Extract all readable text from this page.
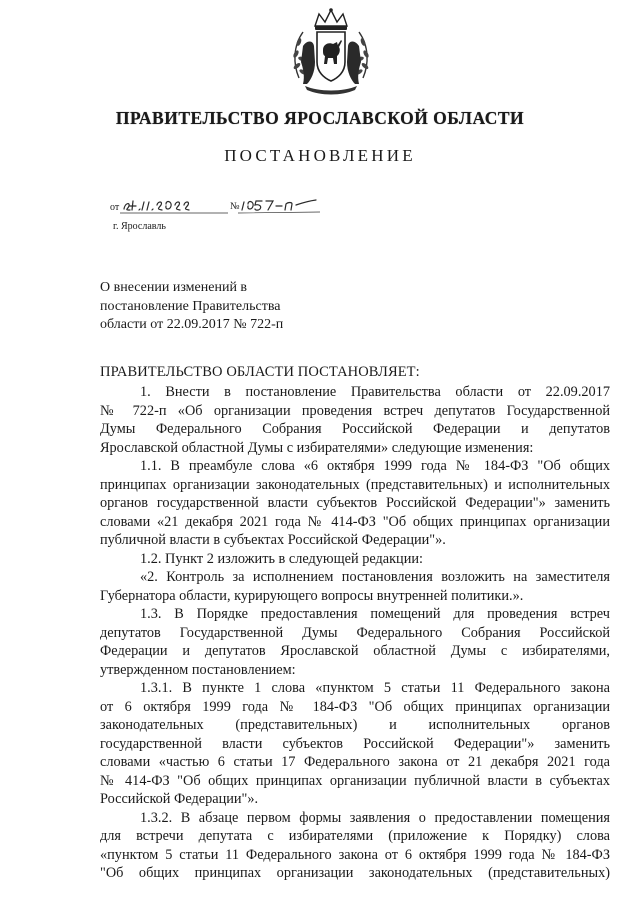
ПРАВИТЕЛЬСТВО ЯРОСЛАВСКОЙ ОБЛАСТИ
ПОСТАНОВЛЕНИЕ
от	№
г. Ярославль
О внесении изменений в
постановление Правительства
области от 22.09.2017 № 722-п
ПРАВИТЕЛЬСТВО ОБЛАСТИ ПОСТАНОВЛЯЕТ:
1. Внести в постановление Правительства области от 22.09.2017
№ 722-п «Об организации проведения встреч депутатов Государственной
Думы Федерального Собрания Российской Федерации и депутатов
Ярославской областной Думы с избирателями» следующие изменения:
1.1. В преамбуле слова «6 октября 1999 года № 184-ФЗ "Об общих
принципах организации законодательных (представительных) и исполнительных
органов государственной власти субъектов Российской Федерации"» заменить
словами «21 декабря 2021 года № 414-ФЗ "Об общих принципах организации
публичной власти в субъектах Российской Федерации"».
1.2. Пункт 2 изложить в следующей редакции:
«2. Контроль за исполнением постановления возложить на заместителя
Губернатора области, курирующего вопросы внутренней политики.».
1.3. В Порядке предоставления помещений для проведения встреч
депутатов Государственной Думы Федерального Собрания Российской
Федерации и депутатов Ярославской областной Думы с избирателями,
утвержденном постановлением:
1.3.1. В пункте 1 слова «пунктом 5 статьи 11 Федерального закона
от 6 октября 1999 года № 184-ФЗ "Об общих принципах организации
законодательных (представительных) и исполнительных органов
государственной власти субъектов Российской Федерации"» заменить
словами «частью 6 статьи 17 Федерального закона от 21 декабря 2021 года
№ 414-ФЗ "Об общих принципах организации публичной власти в субъектах
Российской Федерации"».
1.3.2. В абзаце первом формы заявления о предоставлении помещения
для встречи депутата с избирателями (приложение к Порядку) слова
«пунктом 5 статьи 11 Федерального закона от 6 октября 1999 года № 184-ФЗ
"Об общих принципах организации законодательных (представительных)
